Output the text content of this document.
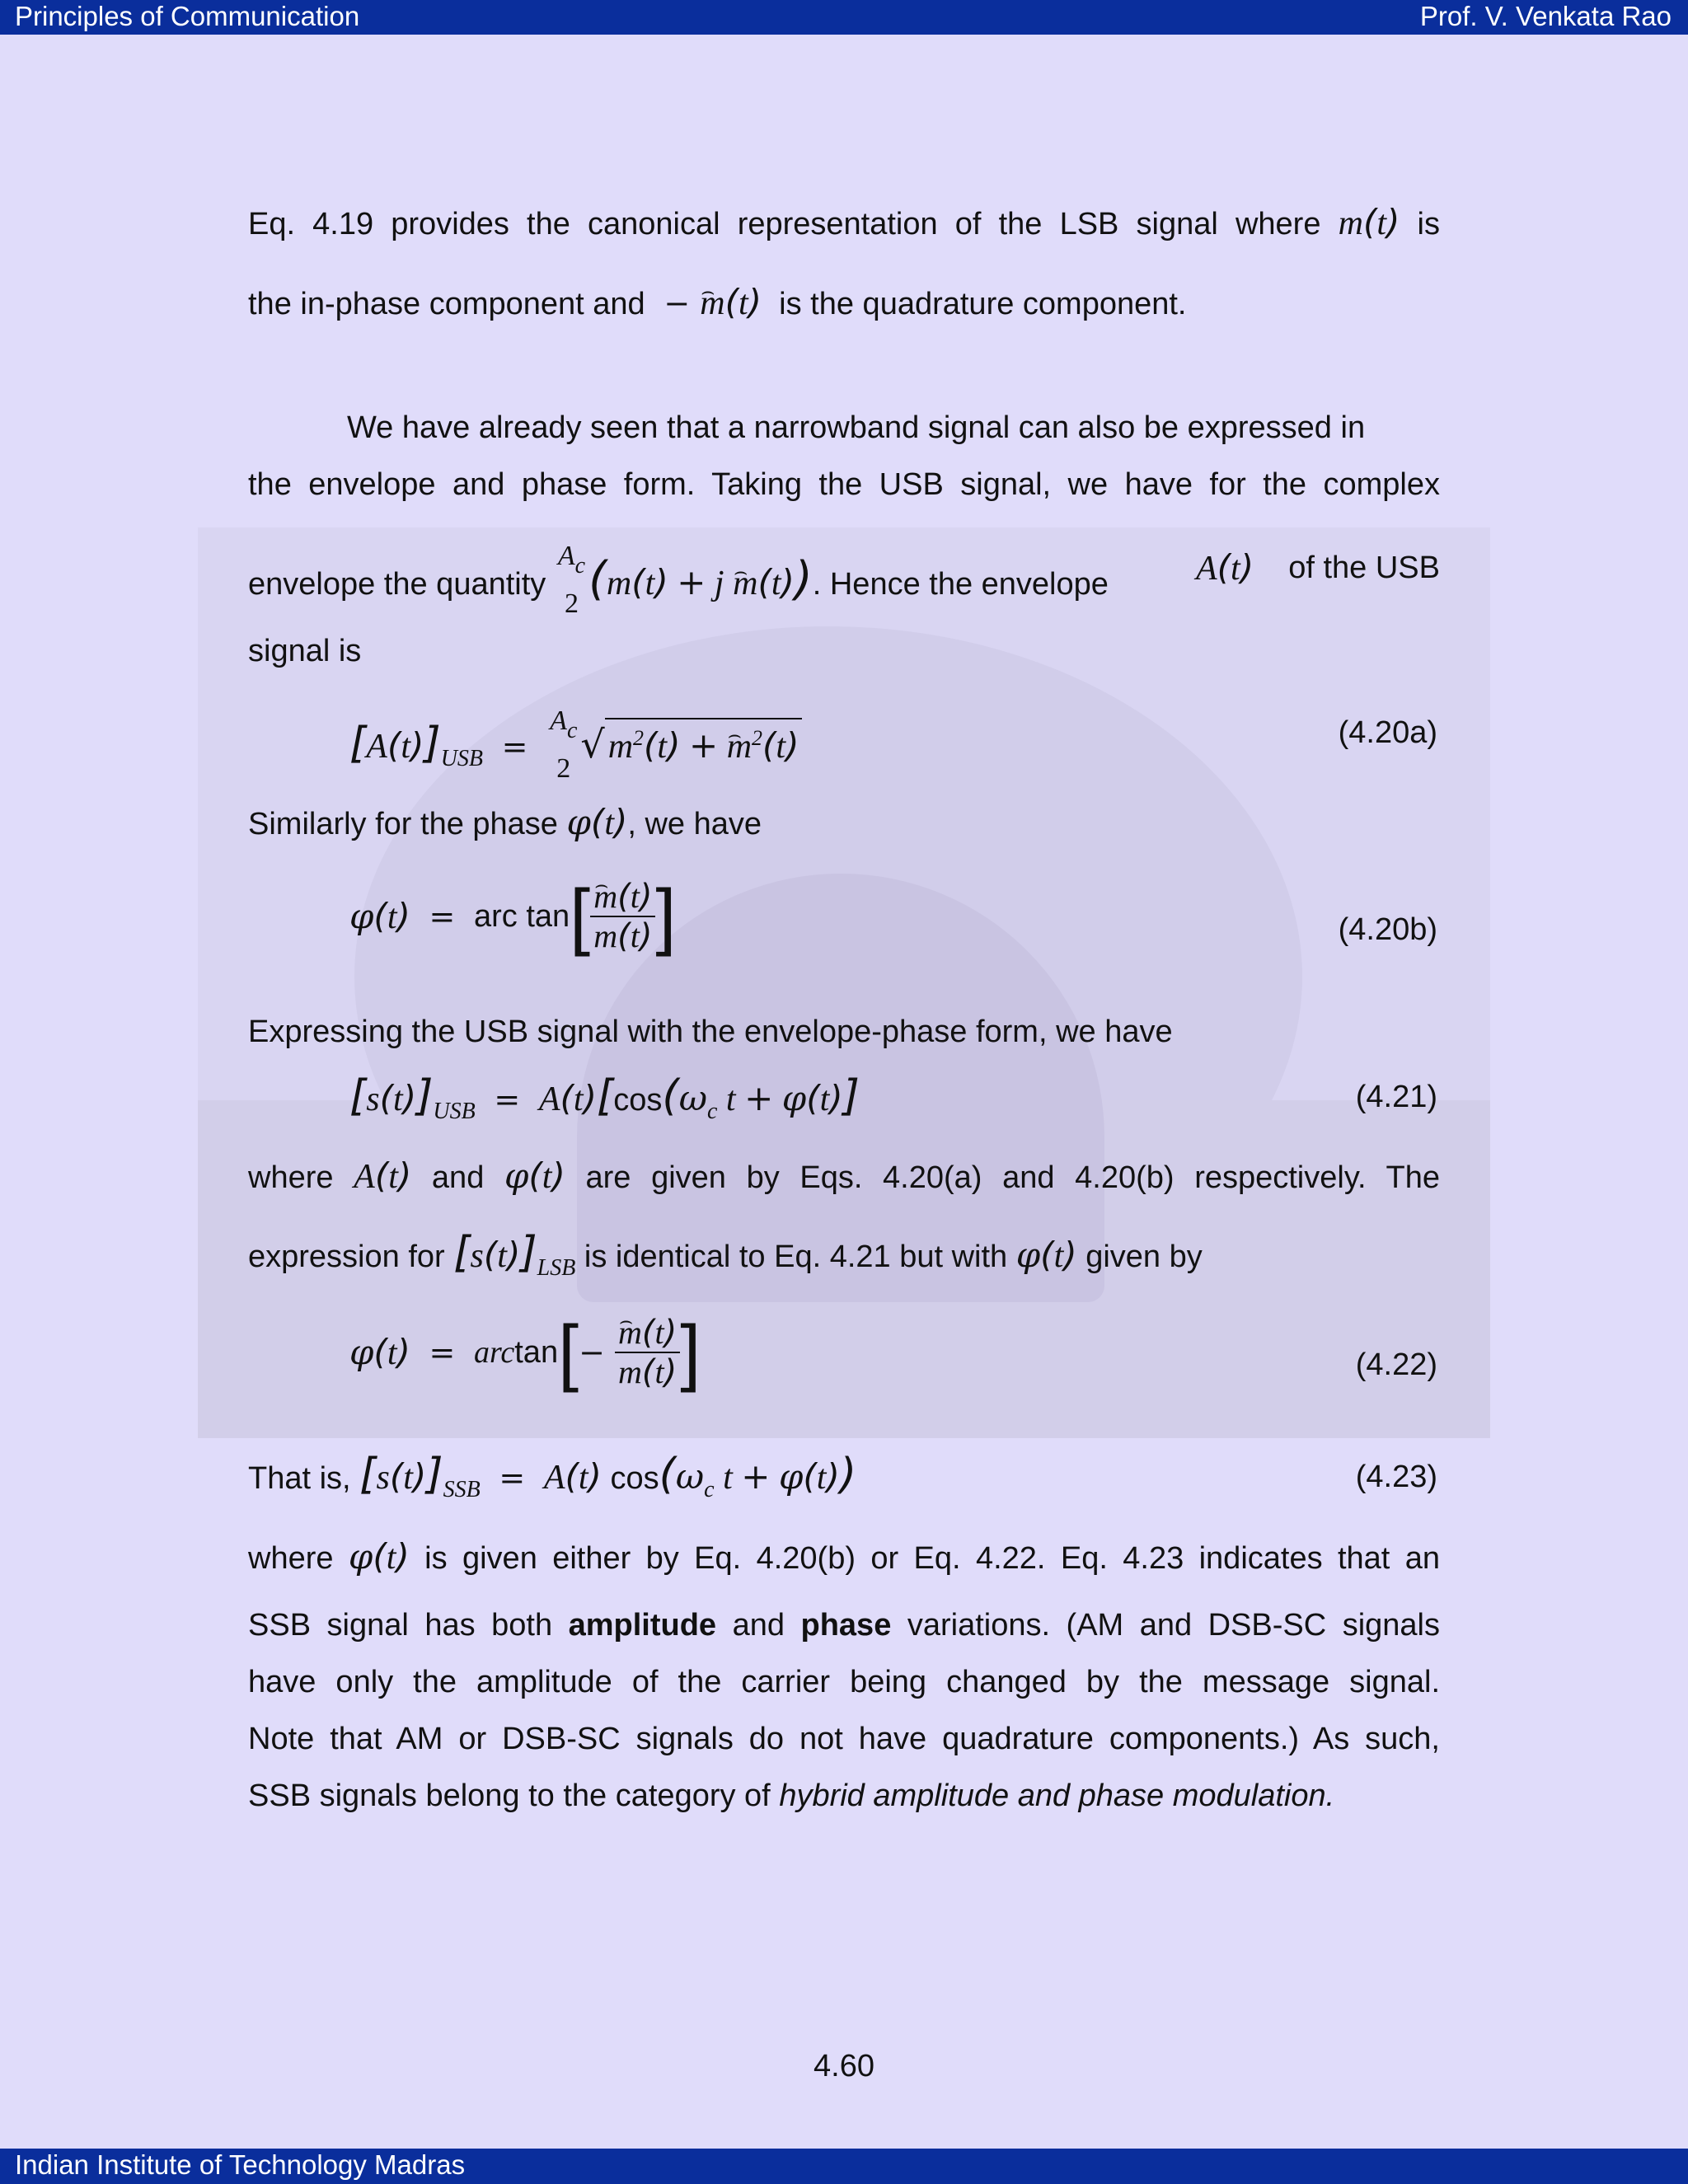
Principles of Communication	Prof. V. Venkata Rao
Eq. 4.19 provides the canonical representation of the LSB signal where m(t) is
the in-phase component and  − ⌢ m(t) is the quadrature component.
We have already seen that a narrowband signal can also be expressed in
the envelope and phase form. Taking the USB signal, we have for the complex
envelope the quantity
$A_c$
2 (m(t) + j ⌢ m(t)). Hence the envelope	A(t) of the USB
signal is
$[A(t)]_{USB}$  =
$A_c$
2
$√m^2(t)$ + ⌢ $m^2(t)$	(4.20a)
Similarly for the phase φ(t), we have
φ(t)  =  arc tan[ ⌢ $\frac{m(t)}{m(t)}$ ]	(4.20b)
Expressing the USB signal with the envelope-phase form, we have
$[s(t)]_{USB} = A(t)[\cos(\omega_c$ t + φ(t)]	(4.21)
where A(t) and φ(t) are given by Eqs. 4.20(a) and 4.20(b) respectively. The
expression for $[s(t)]_{LSB}$ is identical to Eq. 4.21 but with φ(t) given by
φ(t)  =  arctan[− ⌢ $\frac{m(t)}{m(t)}$ ]	(4.22)
That is, $[s(t)]_{SSB} = A(t)$ $\cos(\omega_c$ t + φ(t))	(4.23)
where φ(t) is given either by Eq. 4.20(b) or Eq. 4.22. Eq. 4.23 indicates that an
SSB signal has both amplitude and phase variations. (AM and DSB-SC signals
have only the amplitude of the carrier being changed by the message signal.
Note that AM or DSB-SC signals do not have quadrature components.) As such,
SSB signals belong to the category of hybrid amplitude and phase modulation.
4.60
Indian Institute of Technology Madras
